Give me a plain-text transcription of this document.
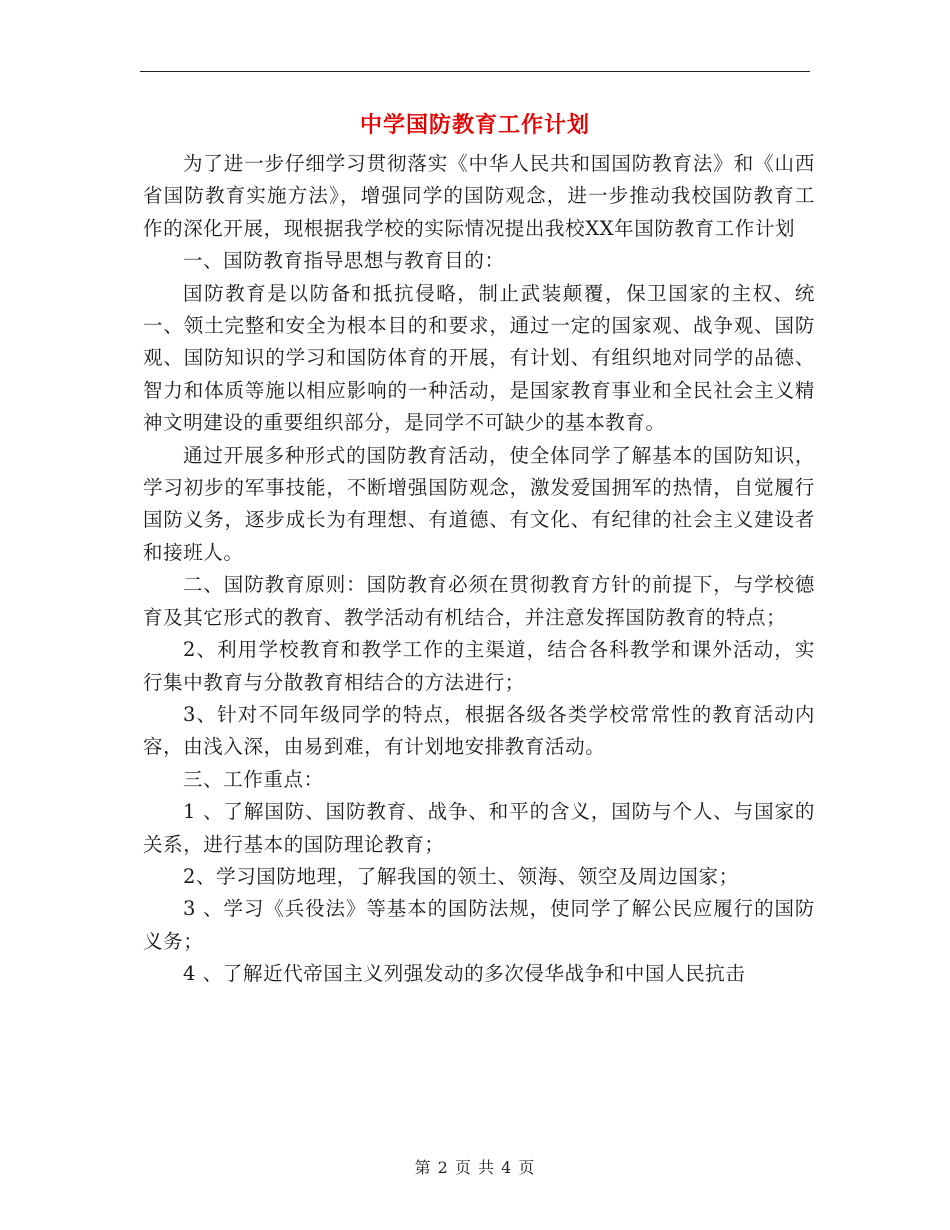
中学国防教育工作计划

为了进一步仔细学习贯彻落实《中华人民共和国国防教育法》和《山西省国防教育实施方法》，增强同学的国防观念，进一步推动我校国防教育工作的深化开展，现根据我学校的实际情况提出我校XX年国防教育工作计划

一、国防教育指导思想与教育目的：

国防教育是以防备和抵抗侵略，制止武装颠覆，保卫国家的主权、统一、领土完整和安全为根本目的和要求，通过一定的国家观、战争观、国防观、国防知识的学习和国防体育的开展，有计划、有组织地对同学的品德、智力和体质等施以相应影响的一种活动，是国家教育事业和全民社会主义精神文明建设的重要组织部分，是同学不可缺少的基本教育。

通过开展多种形式的国防教育活动，使全体同学了解基本的国防知识，学习初步的军事技能，不断增强国防观念，激发爱国拥军的热情，自觉履行国防义务，逐步成长为有理想、有道德、有文化、有纪律的社会主义建设者和接班人。

二、国防教育原则：国防教育必须在贯彻教育方针的前提下，与学校德育及其它形式的教育、教学活动有机结合，并注意发挥国防教育的特点；

2、利用学校教育和教学工作的主渠道，结合各科教学和课外活动，实行集中教育与分散教育相结合的方法进行；

3、针对不同年级同学的特点，根据各级各类学校常常性的教育活动内容，由浅入深，由易到难，有计划地安排教育活动。

三、工作重点：

1 、了解国防、国防教育、战争、和平的含义，国防与个人、与国家的关系，进行基本的国防理论教育；

2、学习国防地理，了解我国的领土、领海、领空及周边国家；

3 、学习《兵役法》等基本的国防法规，使同学了解公民应履行的国防义务；

4 、了解近代帝国主义列强发动的多次侵华战争和中国人民抗击

第 2 页 共 4 页
